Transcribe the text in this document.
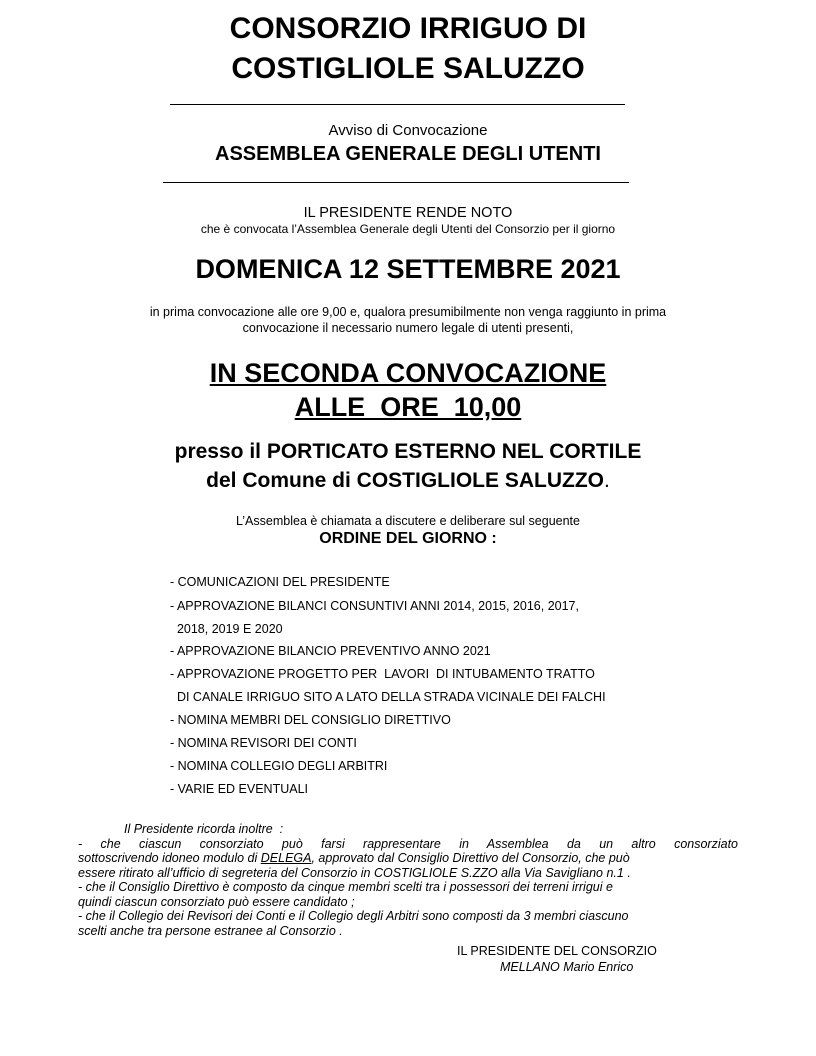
CONSORZIO IRRIGUO DI
COSTIGLIOLE SALUZZO
Avviso di Convocazione
ASSEMBLEA GENERALE DEGLI UTENTI
IL PRESIDENTE RENDE NOTO
che è convocata l’Assemblea Generale degli Utenti del Consorzio per il giorno
DOMENICA 12 SETTEMBRE 2021
in prima convocazione alle ore 9,00 e, qualora presumibilmente non venga raggiunto in prima
convocazione il necessario numero legale di utenti presenti,
IN SECONDA CONVOCAZIONE
ALLE  ORE  10,00
presso il PORTICATO ESTERNO NEL CORTILE
del Comune di COSTIGLIOLE SALUZZO.
L’Assemblea è chiamata a discutere e deliberare sul seguente
ORDINE DEL GIORNO :
- COMUNICAZIONI DEL PRESIDENTE
- APPROVAZIONE BILANCI CONSUNTIVI ANNI 2014, 2015, 2016, 2017,
2018, 2019 E 2020
- APPROVAZIONE BILANCIO PREVENTIVO ANNO 2021
- APPROVAZIONE PROGETTO PER  LAVORI  DI INTUBAMENTO TRATTO
DI CANALE IRRIGUO SITO A LATO DELLA STRADA VICINALE DEI FALCHI
- NOMINA MEMBRI DEL CONSIGLIO DIRETTIVO
- NOMINA REVISORI DEI CONTI
- NOMINA COLLEGIO DEGLI ARBITRI
- VARIE ED EVENTUALI
Il Presidente ricorda inoltre  :
- che ciascun consorziato può farsi rappresentare in Assemblea da un altro consorziato
sottoscrivendo idoneo modulo di DELEGA, approvato dal Consiglio Direttivo del Consorzio, che può
essere ritirato all’ufficio di segreteria del Consorzio in COSTIGLIOLE S.ZZO alla Via Savigliano n.1 .
- che il Consiglio Direttivo è composto da cinque membri scelti tra i possessori dei terreni irrigui e
quindi ciascun consorziato può essere candidato ;
- che il Collegio dei Revisori dei Conti e il Collegio degli Arbitri sono composti da 3 membri ciascuno
scelti anche tra persone estranee al Consorzio .
IL PRESIDENTE DEL CONSORZIO
MELLANO Mario Enrico
